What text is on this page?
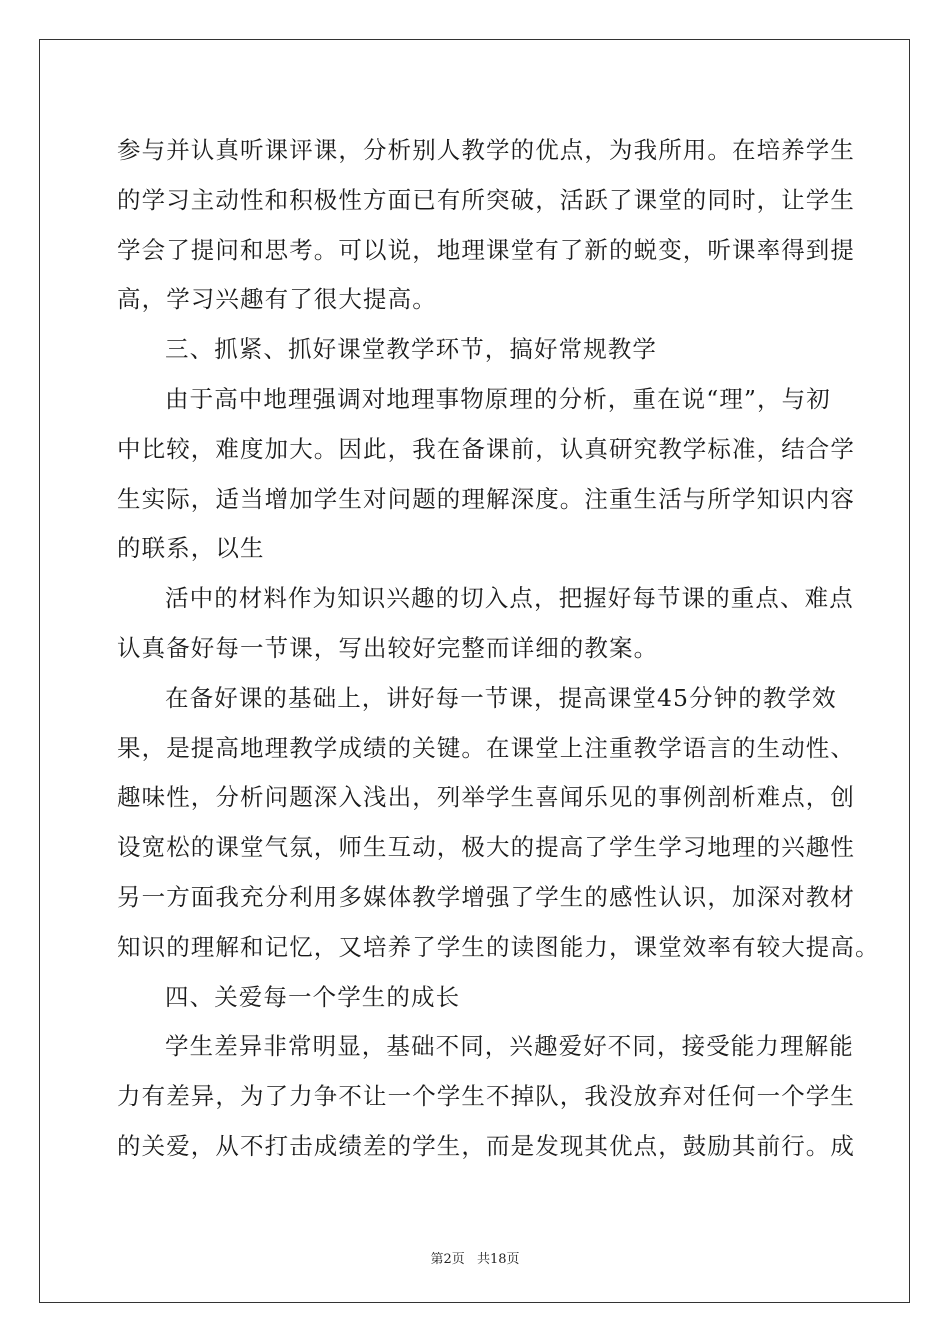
参与并认真听课评课，分析别人教学的优点，为我所用。在培养学生
的学习主动性和积极性方面已有所突破，活跃了课堂的同时，让学生
学会了提问和思考。可以说，地理课堂有了新的蜕变，听课率得到提
高，学习兴趣有了很大提高。
三、抓紧、抓好课堂教学环节，搞好常规教学
由于高中地理强调对地理事物原理的分析，重在说“理”，与初
中比较，难度加大。因此，我在备课前，认真研究教学标准，结合学
生实际，适当增加学生对问题的理解深度。注重生活与所学知识内容
的联系，以生
活中的材料作为知识兴趣的切入点，把握好每节课的重点、难点
认真备好每一节课，写出较好完整而详细的教案。
在备好课的基础上，讲好每一节课，提高课堂45分钟的教学效
果，是提高地理教学成绩的关键。在课堂上注重教学语言的生动性、
趣味性，分析问题深入浅出，列举学生喜闻乐见的事例剖析难点，创
设宽松的课堂气氛，师生互动，极大的提高了学生学习地理的兴趣性
另一方面我充分利用多媒体教学增强了学生的感性认识，加深对教材
知识的理解和记忆，又培养了学生的读图能力，课堂效率有较大提高。
四、关爱每一个学生的成长
学生差异非常明显，基础不同，兴趣爱好不同，接受能力理解能
力有差异，为了力争不让一个学生不掉队，我没放弃对任何一个学生
的关爱，从不打击成绩差的学生，而是发现其优点，鼓励其前行。成
第2页 共18页
